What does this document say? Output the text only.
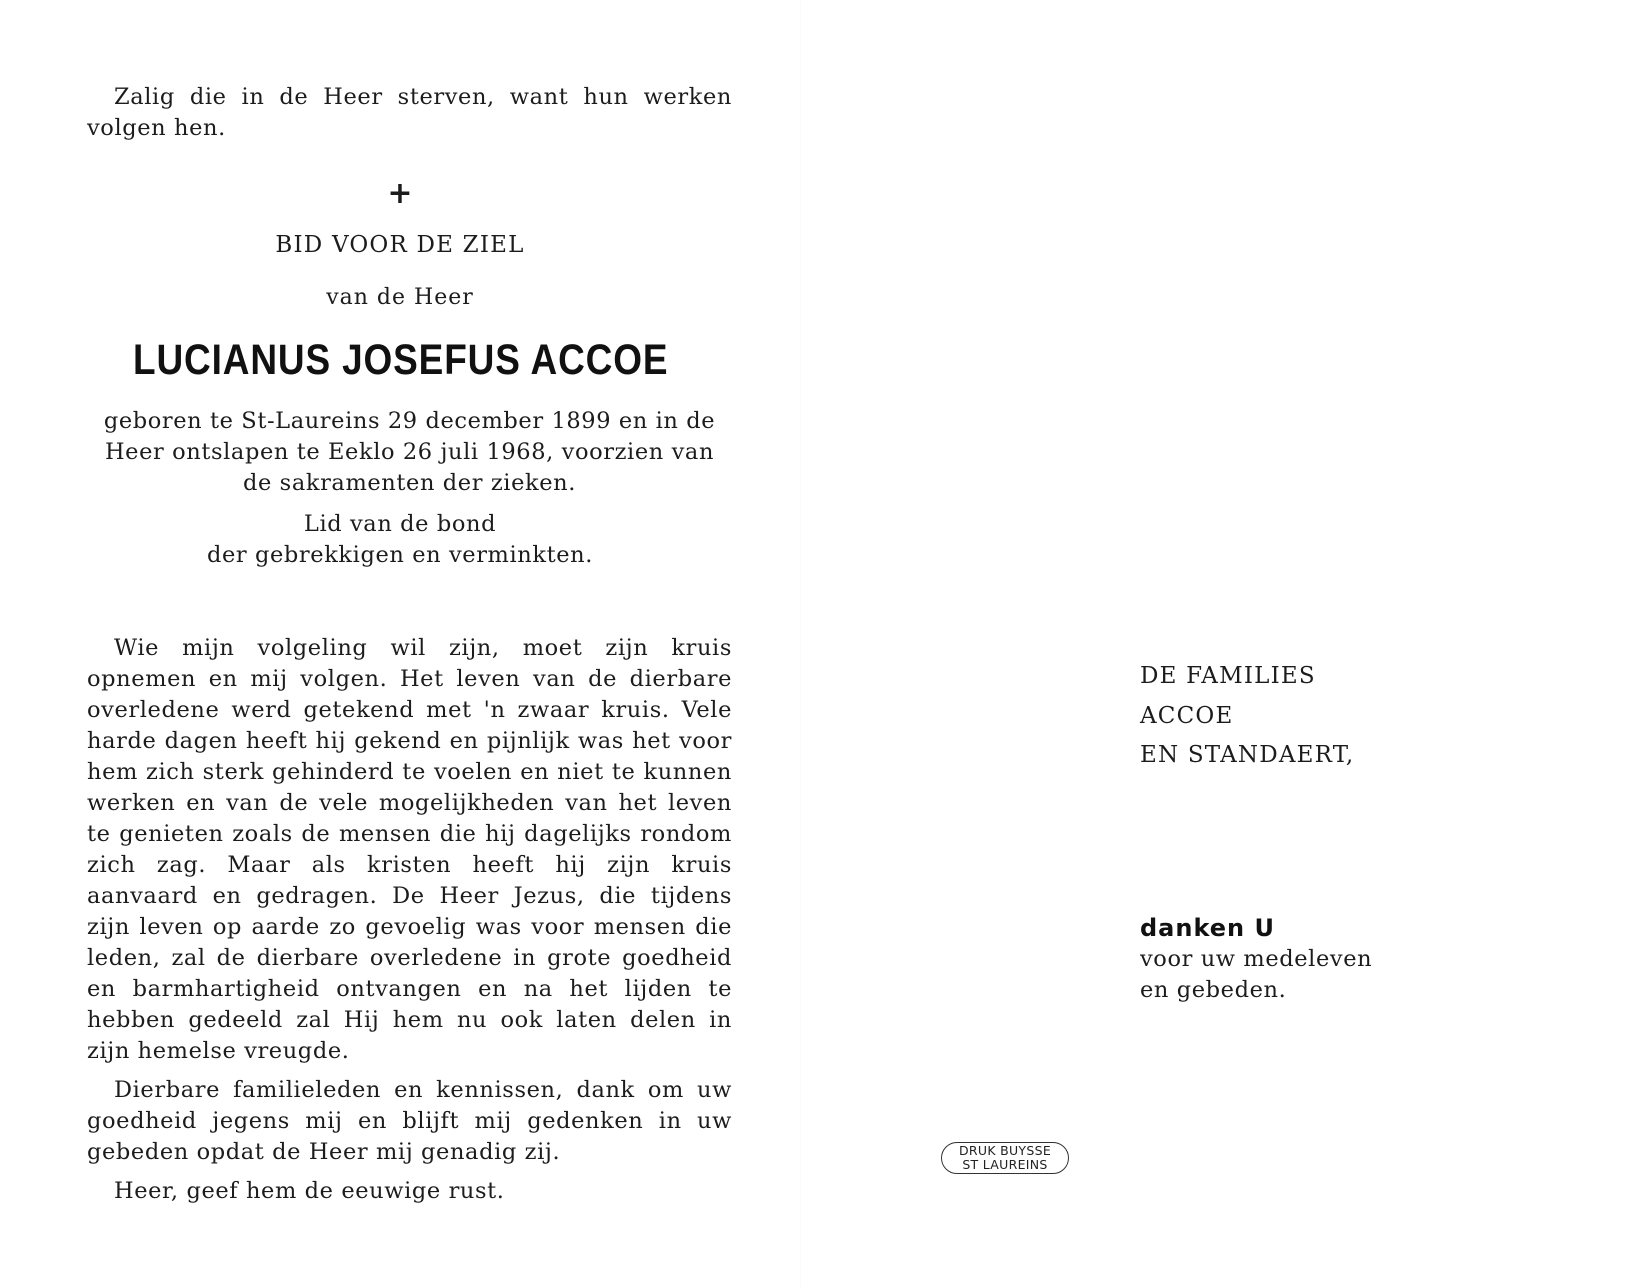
Zalig die in de Heer sterven, want hun werken volgen hen.

+
BID VOOR DE ZIEL
van de Heer
LUCIANUS JOSEFUS ACCOE

geboren te St-Laureins 29 december 1899 en in de Heer ontslapen te Eeklo 26 juli 1968, voorzien van de sakramenten der zieken.

Lid van de bond
der gebrekkigen en verminkten.

Wie mijn volgeling wil zijn, moet zijn kruis opnemen en mij volgen. Het leven van de dierbare overledene werd getekend met 'n zwaar kruis. Vele harde dagen heeft hij gekend en pijnlijk was het voor hem zich sterk gehinderd te voelen en niet te kunnen werken en van de vele mogelijkheden van het leven te genieten zoals de mensen die hij dagelijks rondom zich zag. Maar als kristen heeft hij zijn kruis aanvaard en gedragen. De Heer Jezus, die tijdens zijn leven op aarde zo gevoelig was voor mensen die leden, zal de dierbare overledene in grote goedheid en barmhartigheid ontvangen en na het lijden te hebben gedeeld zal Hij hem nu ook laten delen in zijn hemelse vreugde.

Dierbare familieleden en kennissen, dank om uw goedheid jegens mij en blijft mij gedenken in uw gebeden opdat de Heer mij genadig zij.

Heer, geef hem de eeuwige rust.

DE FAMILIES
ACCOE
EN STANDAERT,
danken U
voor uw medeleven
en gebeden.
DRUK BUYSSE
ST LAUREINS
